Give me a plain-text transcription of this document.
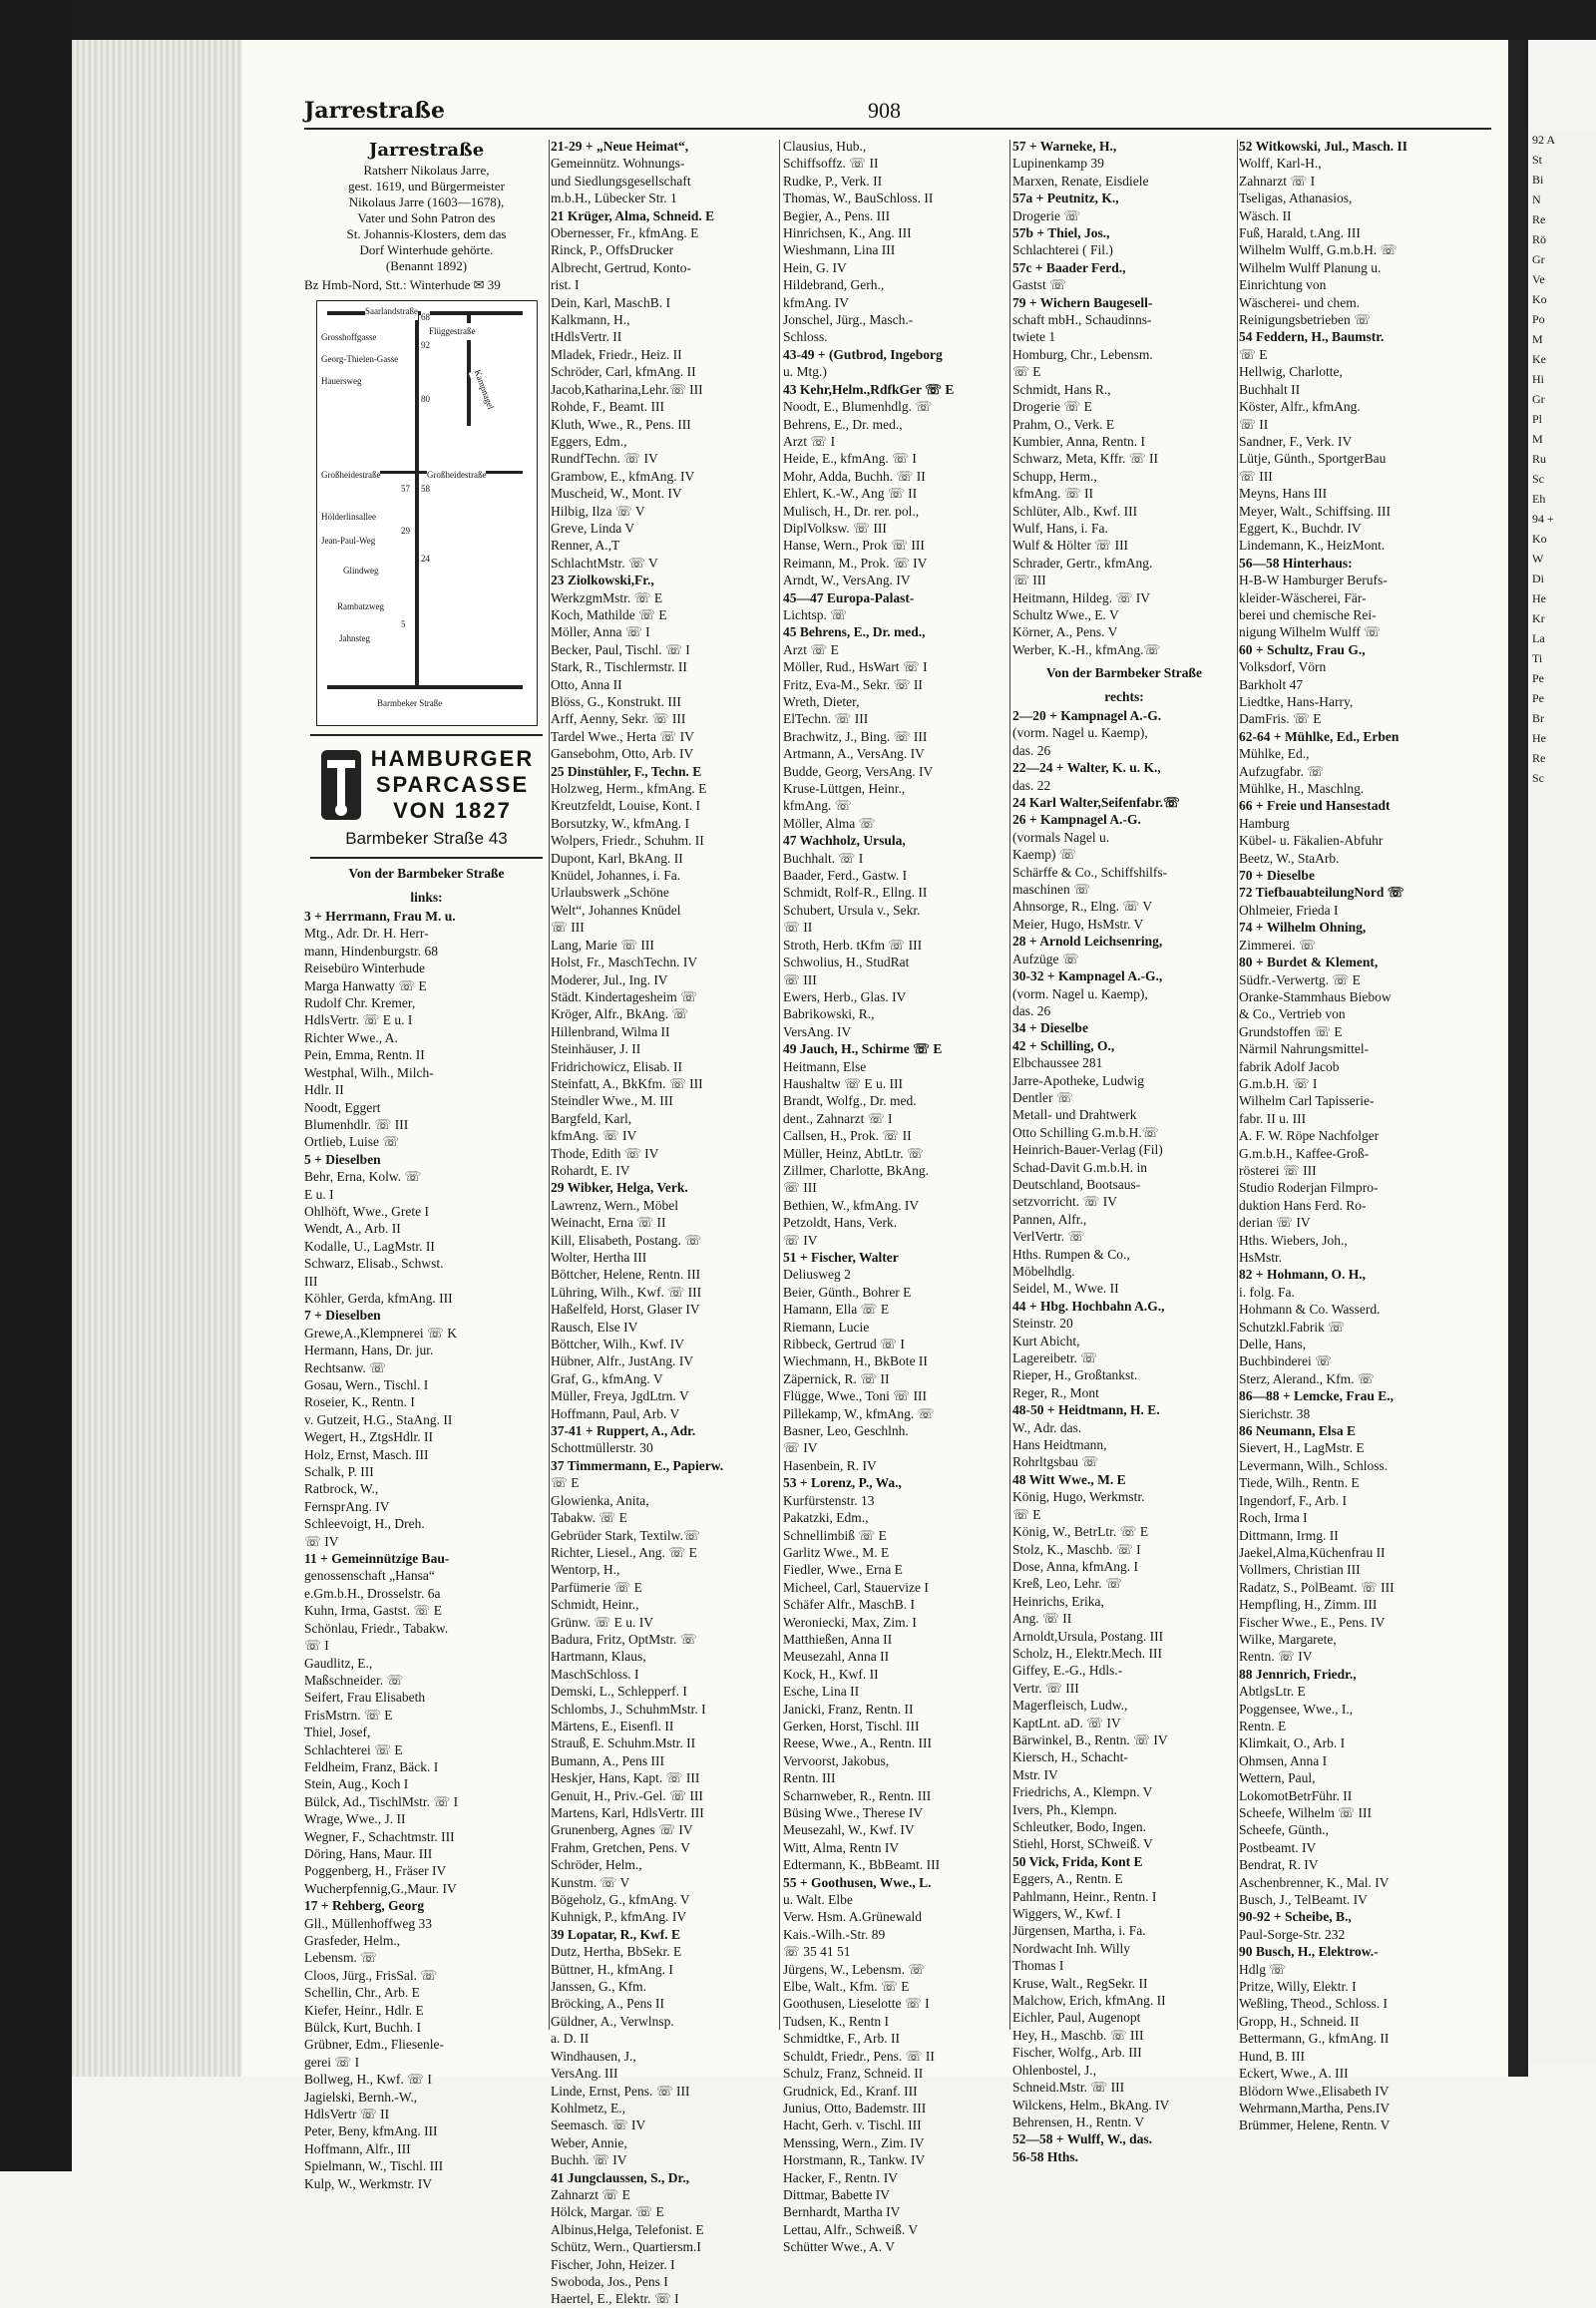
92 A
St
Bi
N
Re
Rö
Gr
Ve
Ko
Po
M
Ke
Hi
Gr
Pl
M
Ru
Sc
Eh
94 +
Ko
W
Di
He
Kr
La
Ti
Pe
Pe
Br
He
Re
Sc
Jarrestraße	908
Jarrestraße
Ratsherr Nikolaus Jarre,
gest. 1619, und Bürgermeister
Nikolaus Jarre (1603—1678),
Vater und Sohn Patron des
St. Johannis-Klosters, dem das
Dorf Winterhude gehörte.
(Benannt 1892)
Bz Hmb-Nord, Stt.: Winterhude ✉ 39
Saarlandstraße
Grosshoffgasse
Georg-Thielen-Gasse
Hauersweg
Großheidestraße	Großheidestraße
Hölderlinsallee
Jean-Paul-Weg
Glindweg
Rambatzweg
Jahnsteg
Barmbeker Straße
Flüggestraße
Kampnagel
68
92
80
57 58
29
24
5
HAMBURGER
SPARCASSE
VON 1827
Barmbeker Straße 43
Von der Barmbeker Straße
links:
3 + Herrmann, Frau M. u.
Mtg., Adr. Dr. H. Herr-
mann, Hindenburgstr. 68
Reisebüro Winterhude
Marga Hanwatty ☏ E
Rudolf Chr. Kremer,
HdlsVertr. ☏ E u. I
Richter Wwe., A.
Pein, Emma, Rentn. II
Westphal, Wilh., Milch-
Hdlr. II
Noodt, Eggert
Blumenhdlr. ☏ III
Ortlieb, Luise ☏
5 + Dieselben
Behr, Erna, Kolw. ☏
E u. I
Ohlhöft, Wwe., Grete I
Wendt, A., Arb. II
Kodalle, U., LagMstr. II
Schwarz, Elisab., Schwst.
III
Köhler, Gerda, kfmAng. III
7 + Dieselben
Grewe,A.,Klempnerei ☏ K
Hermann, Hans, Dr. jur.
Rechtsanw. ☏
Gosau, Wern., Tischl. I
Roseier, K., Rentn. I
v. Gutzeit, H.G., StaAng. II
Wegert, H., ZtgsHdlr. II
Holz, Ernst, Masch. III
Schalk, P. III
Ratbrock, W.,
FernsprAng. IV
Schleevoigt, H., Dreh.
☏ IV
11 + Gemeinnützige Bau-
genossenschaft „Hansa“
e.Gm.b.H., Drosselstr. 6a
Kuhn, Irma, Gastst. ☏ E
Schönlau, Friedr., Tabakw.
☏ I
Gaudlitz, E.,
Maßschneider. ☏
Seifert, Frau Elisabeth
FrisMstrn. ☏ E
Thiel, Josef,
Schlachterei ☏ E
Feldheim, Franz, Bäck. I
Stein, Aug., Koch I
Bülck, Ad., TischlMstr. ☏ I
Wrage, Wwe., J. II
Wegner, F., Schachtmstr. III
Döring, Hans, Maur. III
Poggenberg, H., Fräser IV
Wucherpfennig,G.,Maur. IV
17 + Rehberg, Georg
Gll., Müllenhoffweg 33
Grasfeder, Helm.,
Lebensm. ☏
Cloos, Jürg., FrisSal. ☏
Schellin, Chr., Arb. E
Kiefer, Heinr., Hdlr. E
Bülck, Kurt, Buchh. I
Grübner, Edm., Fliesenle-
gerei ☏ I
Bollweg, H., Kwf. ☏ I
Jagielski, Bernh.-W.,
HdlsVertr ☏ II
Peter, Beny, kfmAng. III
Hoffmann, Alfr., III
Spielmann, W., Tischl. III
Kulp, W., Werkmstr. IV
21-29 + „Neue Heimat“,
Gemeinnütz. Wohnungs-
und Siedlungsgesellschaft
m.b.H., Lübecker Str. 1
21 Krüger, Alma, Schneid. E
Obernesser, Fr., kfmAng. E
Rinck, P., OffsDrucker
Albrecht, Gertrud, Konto-
rist. I
Dein, Karl, MaschB. I
Kalkmann, H.,
tHdlsVertr. II
Mladek, Friedr., Heiz. II
Schröder, Carl, kfmAng. II
Jacob,Katharina,Lehr.☏ III
Rohde, F., Beamt. III
Kluth, Wwe., R., Pens. III
Eggers, Edm.,
RundfTechn. ☏ IV
Grambow, E., kfmAng. IV
Muscheid, W., Mont. IV
Hilbig, Ilza ☏ V
Greve, Linda V
Renner, A.,T
SchlachtMstr. ☏ V
23 Ziolkowski,Fr.,
WerkzgmMstr. ☏ E
Koch, Mathilde ☏ E
Möller, Anna ☏ I
Becker, Paul, Tischl. ☏ I
Stark, R., Tischlermstr. II
Otto, Anna II
Blöss, G., Konstrukt. III
Arff, Aenny, Sekr. ☏ III
Tardel Wwe., Herta ☏ IV
Gansebohm, Otto, Arb. IV
25 Dinstühler, F., Techn. E
Holzweg, Herm., kfmAng. E
Kreutzfeldt, Louise, Kont. I
Borsutzky, W., kfmAng. I
Wolpers, Friedr., Schuhm. II
Dupont, Karl, BkAng. II
Knüdel, Johannes, i. Fa.
Urlaubswerk „Schöne
Welt“, Johannes Knüdel
☏ III
Lang, Marie ☏ III
Holst, Fr., MaschTechn. IV
Moderer, Jul., Ing. IV
Städt. Kindertagesheim ☏
Kröger, Alfr., BkAng. ☏
Hillenbrand, Wilma II
Steinhäuser, J. II
Fridrichowicz, Elisab. II
Steinfatt, A., BkKfm. ☏ III
Steindler Wwe., M. III
Bargfeld, Karl,
kfmAng. ☏ IV
Thode, Edith ☏ IV
Rohardt, E. IV
29 Wibker, Helga, Verk.
Lawrenz, Wern., Möbel
Weinacht, Erna ☏ II
Kill, Elisabeth, Postang. ☏
Wolter, Hertha III
Böttcher, Helene, Rentn. III
Lühring, Wilh., Kwf. ☏ III
Haßelfeld, Horst, Glaser IV
Rausch, Else IV
Böttcher, Wilh., Kwf. IV
Hübner, Alfr., JustAng. IV
Graf, G., kfmAng. V
Müller, Freya, JgdLtrn. V
Hoffmann, Paul, Arb. V
37-41 + Ruppert, A., Adr.
Schottmüllerstr. 30
37 Timmermann, E., Papierw.
☏ E
Glowienka, Anita,
Tabakw. ☏ E
Gebrüder Stark, Textilw.☏
Richter, Liesel., Ang. ☏ E
Wentorp, H.,
Parfümerie ☏ E
Schmidt, Heinr.,
Grünw. ☏ E u. IV
Badura, Fritz, OptMstr. ☏
Hartmann, Klaus,
MaschSchloss. I
Demski, L., Schlepperf. I
Schlombs, J., SchuhmMstr. I
Märtens, E., Eisenfl. II
Strauß, E. Schuhm.Mstr. II
Bumann, A., Pens III
Heskjer, Hans, Kapt. ☏ III
Genuit, H., Priv.-Gel. ☏ III
Martens, Karl, HdlsVertr. III
Grunenberg, Agnes ☏ IV
Frahm, Gretchen, Pens. V
Schröder, Helm.,
Kunstm. ☏ V
Bögeholz, G., kfmAng. V
Kuhnigk, P., kfmAng. IV
39 Lopatar, R., Kwf. E
Dutz, Hertha, BbSekr. E
Büttner, H., kfmAng. I
Janssen, G., Kfm.
Bröcking, A., Pens II
Güldner, A., Verwlnsp.
a. D. II
Windhausen, J.,
VersAng. III
Linde, Ernst, Pens. ☏ III
Kohlmetz, E.,
Seemasch. ☏ IV
Weber, Annie,
Buchh. ☏ IV
41 Jungclaussen, S., Dr.,
Zahnarzt ☏ E
Hölck, Margar. ☏ E
Albinus,Helga, Telefonist. E
Schütz, Wern., Quartiersm.I
Fischer, John, Heizer. I
Swoboda, Jos., Pens I
Haertel, E., Elektr. ☏ I
Clausius, Hub.,
Schiffsoffz. ☏ II
Rudke, P., Verk. II
Thomas, W., BauSchloss. II
Begier, A., Pens. III
Hinrichsen, K., Ang. III
Wieshmann, Lina III
Hein, G. IV
Hildebrand, Gerh.,
kfmAng. IV
Jonschel, Jürg., Masch.-
Schloss.
43-49 + (Gutbrod, Ingeborg
u. Mtg.)
43 Kehr,Helm.,RdfkGer ☏ E
Noodt, E., Blumenhdlg. ☏
Behrens, E., Dr. med.,
Arzt ☏ I
Heide, E., kfmAng. ☏ I
Mohr, Adda, Buchh. ☏ II
Ehlert, K.-W., Ang ☏ II
Mulisch, H., Dr. rer. pol.,
DiplVolksw. ☏ III
Hanse, Wern., Prok ☏ III
Reimann, M., Prok. ☏ IV
Arndt, W., VersAng. IV
45—47 Europa-Palast-
Lichtsp. ☏
45 Behrens, E., Dr. med.,
Arzt ☏ E
Möller, Rud., HsWart ☏ I
Fritz, Eva-M., Sekr. ☏ II
Wreth, Dieter,
ElTechn. ☏ III
Brachwitz, J., Bing. ☏ III
Artmann, A., VersAng. IV
Budde, Georg, VersAng. IV
Kruse-Lüttgen, Heinr.,
kfmAng. ☏
Möller, Alma ☏
47 Wachholz, Ursula,
Buchhalt. ☏ I
Baader, Ferd., Gastw. I
Schmidt, Rolf-R., Ellng. II
Schubert, Ursula v., Sekr.
☏ II
Stroth, Herb. tKfm ☏ III
Schwolius, H., StudRat
☏ III
Ewers, Herb., Glas. IV
Babrikowski, R.,
VersAng. IV
49 Jauch, H., Schirme ☏ E
Heitmann, Else
Haushaltw ☏ E u. III
Brandt, Wolfg., Dr. med.
dent., Zahnarzt ☏ I
Callsen, H., Prok. ☏ II
Müller, Heinz, AbtLtr. ☏
Zillmer, Charlotte, BkAng.
☏ III
Bethien, W., kfmAng. IV
Petzoldt, Hans, Verk.
☏ IV
51 + Fischer, Walter
Deliusweg 2
Beier, Günth., Bohrer E
Hamann, Ella ☏ E
Riemann, Lucie
Ribbeck, Gertrud ☏ I
Wiechmann, H., BkBote II
Zäpernick, R. ☏ II
Flügge, Wwe., Toni ☏ III
Pillekamp, W., kfmAng. ☏
Basner, Leo, Geschlnh.
☏ IV
Hasenbein, R. IV
53 + Lorenz, P., Wa.,
Kurfürstenstr. 13
Pakatzki, Edm.,
Schnellimbiß ☏ E
Garlitz Wwe., M. E
Fiedler, Wwe., Erna E
Micheel, Carl, Stauervize I
Schäfer Alfr., MaschB. I
Weroniecki, Max, Zim. I
Matthießen, Anna II
Meusezahl, Anna II
Kock, H., Kwf. II
Esche, Lina II
Janicki, Franz, Rentn. II
Gerken, Horst, Tischl. III
Reese, Wwe., A., Rentn. III
Vervoorst, Jakobus,
Rentn. III
Scharnweber, R., Rentn. III
Büsing Wwe., Therese IV
Meusezahl, W., Kwf. IV
Witt, Alma, Rentn IV
Edtermann, K., BbBeamt. III
55 + Goothusen, Wwe., L.
u. Walt. Elbe
Verw. Hsm. A.Grünewald
Kais.-Wilh.-Str. 89
☏ 35 41 51
Jürgens, W., Lebensm. ☏
Elbe, Walt., Kfm. ☏ E
Goothusen, Lieselotte ☏ I
Tudsen, K., Rentn I
Schmidtke, F., Arb. II
Schuldt, Friedr., Pens. ☏ II
Schulz, Franz, Schneid. II
Grudnick, Ed., Kranf. III
Junius, Otto, Bademstr. III
Hacht, Gerh. v. Tischl. III
Menssing, Wern., Zim. IV
Horstmann, R., Tankw. IV
Hacker, F., Rentn. IV
Dittmar, Babette IV
Bernhardt, Martha IV
Lettau, Alfr., Schweiß. V
Schütter Wwe., A. V
57 + Warneke, H.,
Lupinenkamp 39
Marxen, Renate, Eisdiele
57a + Peutnitz, K.,
Drogerie ☏
57b + Thiel, Jos.,
Schlachterei ( Fil.)
57c + Baader Ferd.,
Gastst ☏
79 + Wichern Baugesell-
schaft mbH., Schaudinns-
twiete 1
Homburg, Chr., Lebensm.
☏ E
Schmidt, Hans R.,
Drogerie ☏ E
Prahm, O., Verk. E
Kumbier, Anna, Rentn. I
Schwarz, Meta, Kffr. ☏ II
Schupp, Herm.,
kfmAng. ☏ II
Schlüter, Alb., Kwf. III
Wulf, Hans, i. Fa.
Wulf & Hölter ☏ III
Schrader, Gertr., kfmAng.
☏ III
Heitmann, Hildeg. ☏ IV
Schultz Wwe., E. V
Körner, A., Pens. V
Werber, K.-H., kfmAng.☏
Von der Barmbeker Straße
rechts:
2—20 + Kampnagel A.-G.
(vorm. Nagel u. Kaemp),
das. 26
22—24 + Walter, K. u. K.,
das. 22
24 Karl Walter,Seifenfabr.☏
26 + Kampnagel A.-G.
(vormals Nagel u.
Kaemp) ☏
Schärffe & Co., Schiffshilfs-
maschinen ☏
Ahnsorge, R., Elng. ☏ V
Meier, Hugo, HsMstr. V
28 + Arnold Leichsenring,
Aufzüge ☏
30-32 + Kampnagel A.-G.,
(vorm. Nagel u. Kaemp),
das. 26
34 + Dieselbe
42 + Schilling, O.,
Elbchaussee 281
Jarre-Apotheke, Ludwig
Dentler ☏
Metall- und Drahtwerk
Otto Schilling G.m.b.H.☏
Heinrich-Bauer-Verlag (Fil)
Schad-Davit G.m.b.H. in
Deutschland, Bootsaus-
setzvorricht. ☏ IV
Pannen, Alfr.,
VerlVertr. ☏
Hths. Rumpen & Co.,
Möbelhdlg.
Seidel, M., Wwe. II
44 + Hbg. Hochbahn A.G.,
Steinstr. 20
Kurt Abicht,
Lagereibetr. ☏
Rieper, H., Großtankst.
Reger, R., Mont
48-50 + Heidtmann, H. E.
W., Adr. das.
Hans Heidtmann,
Rohrltgsbau ☏
48 Witt Wwe., M. E
König, Hugo, Werkmstr.
☏ E
König, W., BetrLtr. ☏ E
Stolz, K., Maschb. ☏ I
Dose, Anna, kfmAng. I
Kreß, Leo, Lehr. ☏
Heinrichs, Erika,
Ang. ☏ II
Arnoldt,Ursula, Postang. III
Scholz, H., Elektr.Mech. III
Giffey, E.-G., Hdls.-
Vertr. ☏ III
Magerfleisch, Ludw.,
KaptLnt. aD. ☏ IV
Bärwinkel, B., Rentn. ☏ IV
Kiersch, H., Schacht-
Mstr. IV
Friedrichs, A., Klempn. V
Ivers, Ph., Klempn.
Schleutker, Bodo, Ingen.
Stiehl, Horst, SChweiß. V
50 Vick, Frida, Kont E
Eggers, A., Rentn. E
Pahlmann, Heinr., Rentn. I
Wiggers, W., Kwf. I
Jürgensen, Martha, i. Fa.
Nordwacht Inh. Willy
Thomas I
Kruse, Walt., RegSekr. II
Malchow, Erich, kfmAng. II
Eichler, Paul, Augenopt
Hey, H., Maschb. ☏ III
Fischer, Wolfg., Arb. III
Ohlenbostel, J.,
Schneid.Mstr. ☏ III
Wilckens, Helm., BkAng. IV
Behrensen, H., Rentn. V
52—58 + Wulff, W., das.
56-58 Hths.
52 Witkowski, Jul., Masch. II
Wolff, Karl-H.,
Zahnarzt ☏ I
Tseligas, Athanasios,
Wäsch. II
Fuß, Harald, t.Ang. III
Wilhelm Wulff, G.m.b.H. ☏
Wilhelm Wulff Planung u.
Einrichtung von
Wäscherei- und chem.
Reinigungsbetrieben ☏
54 Feddern, H., Baumstr.
☏ E
Hellwig, Charlotte,
Buchhalt II
Köster, Alfr., kfmAng.
☏ II
Sandner, F., Verk. IV
Lütje, Günth., SportgerBau
☏ III
Meyns, Hans III
Meyer, Walt., Schiffsing. III
Eggert, K., Buchdr. IV
Lindemann, K., HeizMont.
56—58 Hinterhaus:
H-B-W Hamburger Berufs-
kleider-Wäscherei, Fär-
berei und chemische Rei-
nigung Wilhelm Wulff ☏
60 + Schultz, Frau G.,
Volksdorf, Vörn
Barkholt 47
Liedtke, Hans-Harry,
DamFris. ☏ E
62-64 + Mühlke, Ed., Erben
Mühlke, Ed.,
Aufzugfabr. ☏
Mühlke, H., Maschlng.
66 + Freie und Hansestadt
Hamburg
Kübel- u. Fäkalien-Abfuhr
Beetz, W., StaArb.
70 + Dieselbe
72 TiefbauabteilungNord ☏
Ohlmeier, Frieda I
74 + Wilhelm Ohning,
Zimmerei. ☏
80 + Burdet & Klement,
Südfr.-Verwertg. ☏ E
Oranke-Stammhaus Biebow
& Co., Vertrieb von
Grundstoffen ☏ E
Närmil Nahrungsmittel-
fabrik Adolf Jacob
G.m.b.H. ☏ I
Wilhelm Carl Tapisserie-
fabr. II u. III
A. F. W. Röpe Nachfolger
G.m.b.H., Kaffee-Groß-
rösterei ☏ III
Studio Roderjan Filmpro-
duktion Hans Ferd. Ro-
derian ☏ IV
Hths. Wiebers, Joh.,
HsMstr.
82 + Hohmann, O. H.,
i. folg. Fa.
Hohmann & Co. Wasserd.
Schutzkl.Fabrik ☏
Delle, Hans,
Buchbinderei ☏
Sterz, Alerand., Kfm. ☏
86—88 + Lemcke, Frau E.,
Sierichstr. 38
86 Neumann, Elsa E
Sievert, H., LagMstr. E
Levermann, Wilh., Schloss.
Tiede, Wilh., Rentn. E
Ingendorf, F., Arb. I
Roch, Irma I
Dittmann, Irmg. II
Jaekel,Alma,Küchenfrau II
Vollmers, Christian III
Radatz, S., PolBeamt. ☏ III
Hempfling, H., Zimm. III
Fischer Wwe., E., Pens. IV
Wilke, Margarete,
Rentn. ☏ IV
88 Jennrich, Friedr.,
AbtlgsLtr. E
Poggensee, Wwe., I.,
Rentn. E
Klimkait, O., Arb. I
Ohmsen, Anna I
Wettern, Paul,
LokomotBetrFühr. II
Scheefe, Wilhelm ☏ III
Scheefe, Günth.,
Postbeamt. IV
Bendrat, R. IV
Aschenbrenner, K., Mal. IV
Busch, J., TelBeamt. IV
90-92 + Scheibe, B.,
Paul-Sorge-Str. 232
90 Busch, H., Elektrow.-
Hdlg ☏
Pritze, Willy, Elektr. I
Weßling, Theod., Schloss. I
Gropp, H., Schneid. II
Bettermann, G., kfmAng. II
Hund, B. III
Eckert, Wwe., A. III
Blödorn Wwe.,Elisabeth IV
Wehrmann,Martha, Pens.IV
Brümmer, Helene, Rentn. V
